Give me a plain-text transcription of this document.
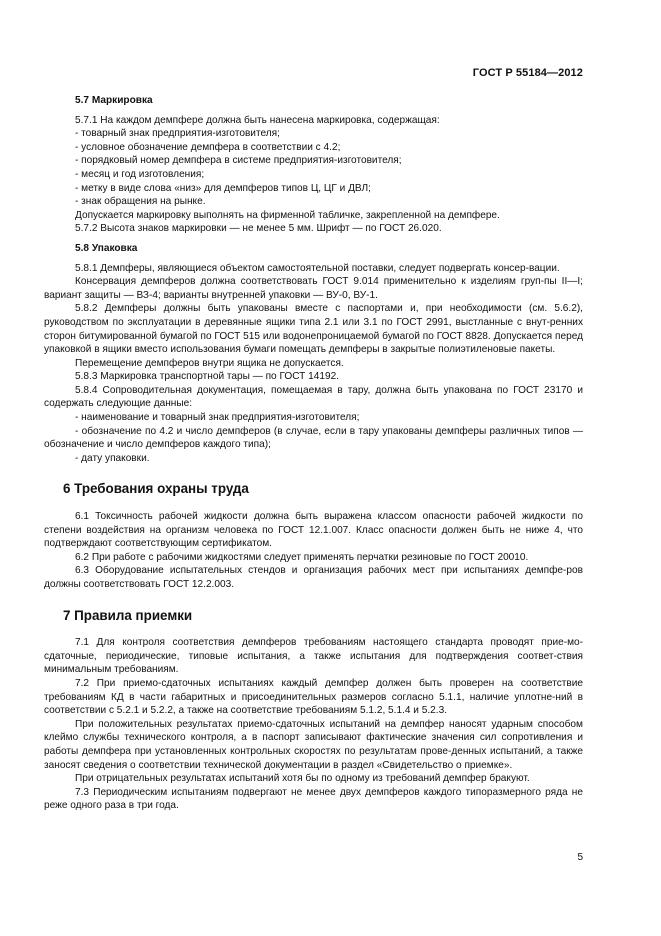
ГОСТ Р 55184—2012
5.7 Маркировка

5.7.1 На каждом демпфере должна быть нанесена маркировка, содержащая:

- товарный знак предприятия-изготовителя;

- условное обозначение демпфера в соответствии с 4.2;

- порядковый номер демпфера в системе предприятия-изготовителя;

- месяц и год изготовления;

- метку в виде слова «низ» для демпферов типов Ц, ЦГ и ДВЛ;

- знак обращения на рынке.

Допускается маркировку выполнять на фирменной табличке, закрепленной на демпфере.

5.7.2 Высота знаков маркировки — не менее 5 мм. Шрифт — по ГОСТ 26.020.

5.8 Упаковка

5.8.1 Демпферы, являющиеся объектом самостоятельной поставки, следует подвергать консер-вации.

Консервация демпферов должна соответствовать ГОСТ 9.014 применительно к изделиям груп-пы II—I; вариант защиты — ВЗ-4; варианты внутренней упаковки — ВУ-0, ВУ-1.

5.8.2 Демпферы должны быть упакованы вместе с паспортами и, при необходимости (см. 5.6.2), руководством по эксплуатации в деревянные ящики типа 2.1 или 3.1 по ГОСТ 2991, выстланные с внут-ренних сторон битумированной бумагой по ГОСТ 515 или водонепроницаемой бумагой по ГОСТ 8828. Допускается перед упаковкой в ящики вместо использования бумаги помещать демпферы в закрытые полиэтиленовые пакеты.

Перемещение демпферов внутри ящика не допускается.

5.8.3 Маркировка транспортной тары — по ГОСТ 14192.

5.8.4 Сопроводительная документация, помещаемая в тару, должна быть упакована по ГОСТ 23170 и содержать следующие данные:

- наименование и товарный знак предприятия-изготовителя;

- обозначение по 4.2 и число демпферов (в случае, если в тару упакованы демпферы различных типов — обозначение и число демпферов каждого типа);

- дату упаковки.

6 Требования охраны труда

6.1 Токсичность рабочей жидкости должна быть выражена классом опасности рабочей жидкости по степени воздействия на организм человека по ГОСТ 12.1.007. Класс опасности должен быть не ниже 4, что подтверждают соответствующим сертификатом.

6.2 При работе с рабочими жидкостями следует применять перчатки резиновые по ГОСТ 20010.

6.3 Оборудование испытательных стендов и организация рабочих мест при испытаниях демпфе-ров должны соответствовать ГОСТ 12.2.003.

7 Правила приемки

7.1 Для контроля соответствия демпферов требованиям настоящего стандарта проводят прие-мо-сдаточные, периодические, типовые испытания, а также испытания для подтверждения соответ-ствия минимальным требованиям.

7.2 При приемо-сдаточных испытаниях каждый демпфер должен быть проверен на соответствие требованиям КД в части габаритных и присоединительных размеров согласно 5.1.1, наличие уплотне-ний в соответствии с 5.2.1 и 5.2.2, а также на соответствие требованиям 5.1.2, 5.1.4 и 5.2.3.

При положительных результатах приемо-сдаточных испытаний на демпфер наносят ударным способом клеймо службы технического контроля, а в паспорт записывают фактические значения сил сопротивления и работы демпфера при установленных контрольных скоростях по результатам прове-денных испытаний, а также заносят сведения о соответствии технической документации в раздел «Свидетельство о приемке».

При отрицательных результатах испытаний хотя бы по одному из требований демпфер бракуют.

7.3 Периодическим испытаниям подвергают не менее двух демпферов каждого типоразмерного ряда не реже одного раза в три года.

5
